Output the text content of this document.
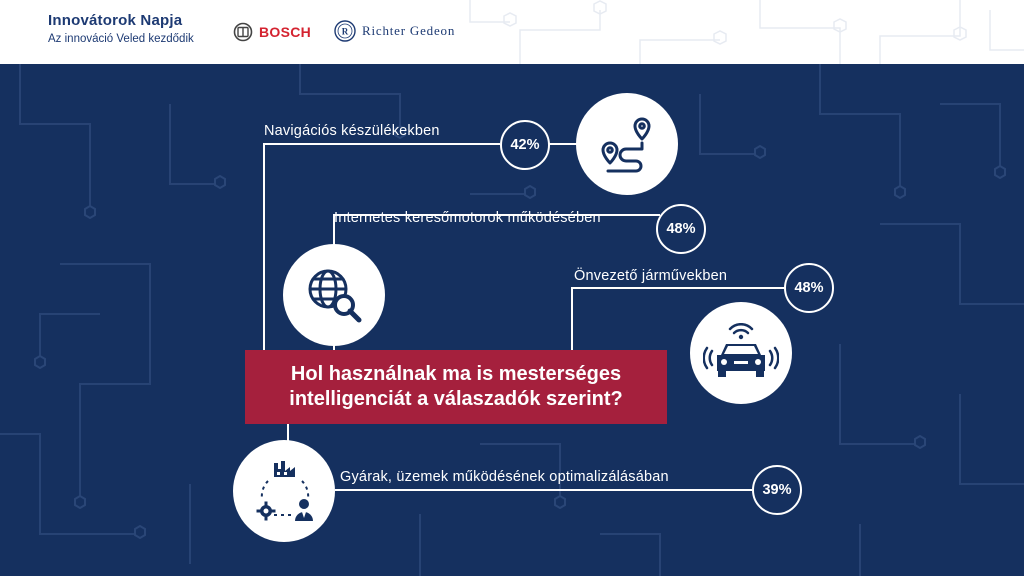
Innovátorok Napja
Az innováció Veled kezdődik	BOSCH	R Richter Gedeon
Navigációs készülékekben
42%
Internetes keresőmotorok működésében
48%
Önvezető járművekben
48%
Gyárak, üzemek működésének optimalizálásában
39%
Hol használnak ma is mesterséges
intelligenciát a válaszadók szerint?
